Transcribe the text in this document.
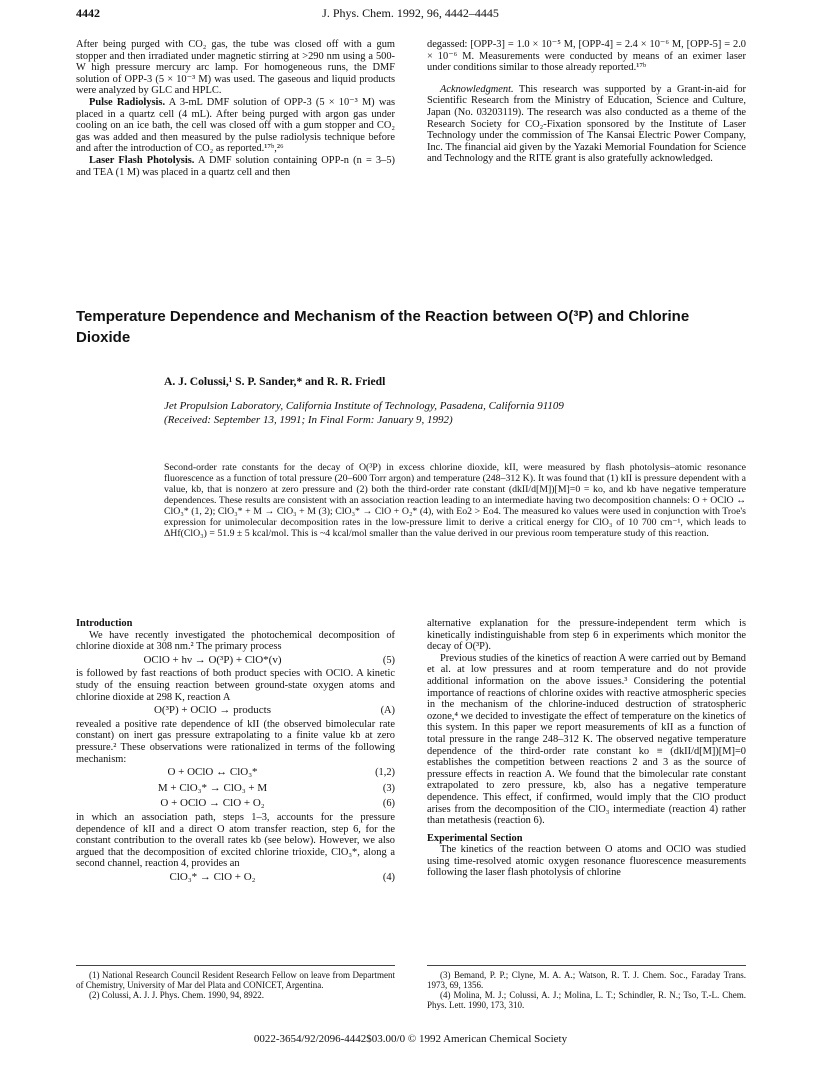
4442	J. Phys. Chem. 1992, 96, 4442–4445

After being purged with CO₂ gas, the tube was closed off with a gum stopper and then irradiated under magnetic stirring at >290 nm using a 500-W high pressure mercury arc lamp. For homogeneous runs, the DMF solution of OPP-3 (5 × 10⁻³ M) was used. The gaseous and liquid products were analyzed by GLC and HPLC.

Pulse Radiolysis. A 3-mL DMF solution of OPP-3 (5 × 10⁻³ M) was placed in a quartz cell (4 mL). After being purged with argon gas under cooling on an ice bath, the cell was closed off with a gum stopper and CO₂ gas was added and then measured by the pulse radiolysis technique before and after the introduction of CO₂ as reported.¹⁷ᵇ,²⁶

Laser Flash Photolysis. A DMF solution containing OPP-n (n = 3–5) and TEA (1 M) was placed in a quartz cell and then

degassed: [OPP-3] = 1.0 × 10⁻⁵ M, [OPP-4] = 2.4 × 10⁻⁶ M, [OPP-5] = 2.0 × 10⁻⁶ M. Measurements were conducted by means of an eximer laser under conditions similar to those already reported.¹⁷ᵇ

Acknowledgment. This research was supported by a Grant-in-aid for Scientific Research from the Ministry of Education, Science and Culture, Japan (No. 03203119). The research was also conducted as a theme of the Research Society for CO₂-Fixation sponsored by the Institute of Laser Technology under the commission of The Kansai Electric Power Company, Inc. The financial aid given by the Yazaki Memorial Foundation for Science and Technology and the RITE grant is also gratefully acknowledged.

Temperature Dependence and Mechanism of the Reaction between O(³P) and Chlorine Dioxide
A. J. Colussi,¹ S. P. Sander,* and R. R. Friedl
Jet Propulsion Laboratory, California Institute of Technology, Pasadena, California 91109
(Received: September 13, 1991; In Final Form: January 9, 1992)
Second-order rate constants for the decay of O(³P) in excess chlorine dioxide, kII, were measured by flash photolysis–atomic resonance fluorescence as a function of total pressure (20–600 Torr argon) and temperature (248–312 K). It was found that (1) kII is pressure dependent with a value, kb, that is nonzero at zero pressure and (2) both the third-order rate constant (dkII/d[M])[M]=0 = ko, and kb have negative temperature dependences. These results are consistent with an association reaction leading to an intermediate having two decomposition channels: O + OClO ↔ ClO₃* (1, 2); ClO₃* + M → ClO₃ + M (3); ClO₃* → ClO + O₂* (4), with Eo2 > Eo4. The measured ko values were used in conjunction with Troe's expression for unimolecular decomposition rates in the low-pressure limit to derive a critical energy for ClO₃ of 10 700 cm⁻¹, which leads to ΔHf(ClO₃) = 51.9 ± 5 kcal/mol. This is ~4 kcal/mol smaller than the value derived in our previous room temperature study of this reaction.
Introduction

We have recently investigated the photochemical decomposition of chlorine dioxide at 308 nm.² The primary process

OClO + hν → O(³P) + ClO*(v)	(5)

is followed by fast reactions of both product species with OClO. A kinetic study of the ensuing reaction between ground-state oxygen atoms and chlorine dioxide at 298 K, reaction A

O(³P) + OClO → products	(A)

revealed a positive rate dependence of kII (the observed bimolecular rate constant) on inert gas pressure extrapolating to a finite value kb at zero pressure.² These observations were rationalized in terms of the following mechanism:

O + OClO ↔ ClO₃*	(1,2)
M + ClO₃* → ClO₃ + M	(3)
O + OClO → ClO + O₂	(6)

in which an association path, steps 1–3, accounts for the pressure dependence of kII and a direct O atom transfer reaction, step 6, for the constant contribution to the overall rates kb (see below). However, we also argued that the decomposition of excited chlorine trioxide, ClO₃*, along a second channel, reaction 4, provides an

ClO₃* → ClO + O₂	(4)

alternative explanation for the pressure-independent term which is kinetically indistinguishable from step 6 in experiments which monitor the decay of O(³P).

Previous studies of the kinetics of reaction A were carried out by Bemand et al. at low pressures and at room temperature and do not provide additional information on the above issues.³ Considering the potential importance of reactions of chlorine oxides with reactive atmospheric species in the mechanism of the chlorine-induced destruction of stratospheric ozone,⁴ we decided to investigate the effect of temperature on the kinetics of this system. In this paper we report measurements of kII as a function of total pressure in the range 248–312 K. The observed negative temperature dependence of the third-order rate constant ko ≡ (dkII/d[M])[M]=0 establishes the competition between reactions 2 and 3 as the source of pressure effects in reaction A. We found that the bimolecular rate constant extrapolated to zero pressure, kb, also has a negative temperature dependence. This effect, if confirmed, would imply that the ClO product arises from the decomposition of the ClO₃ intermediate (reaction 4) rather than metathesis (reaction 6).

Experimental Section

The kinetics of the reaction between O atoms and OClO was studied using time-resolved atomic oxygen resonance fluorescence measurements following the laser flash photolysis of chlorine

(1) National Research Council Resident Research Fellow on leave from Department of Chemistry, University of Mar del Plata and CONICET, Argentina.

(2) Colussi, A. J. J. Phys. Chem. 1990, 94, 8922.

(3) Bemand, P. P.; Clyne, M. A. A.; Watson, R. T. J. Chem. Soc., Faraday Trans. 1973, 69, 1356.

(4) Molina, M. J.; Colussi, A. J.; Molina, L. T.; Schindler, R. N.; Tso, T.-L. Chem. Phys. Lett. 1990, 173, 310.

0022-3654/92/2096-4442$03.00/0 © 1992 American Chemical Society
